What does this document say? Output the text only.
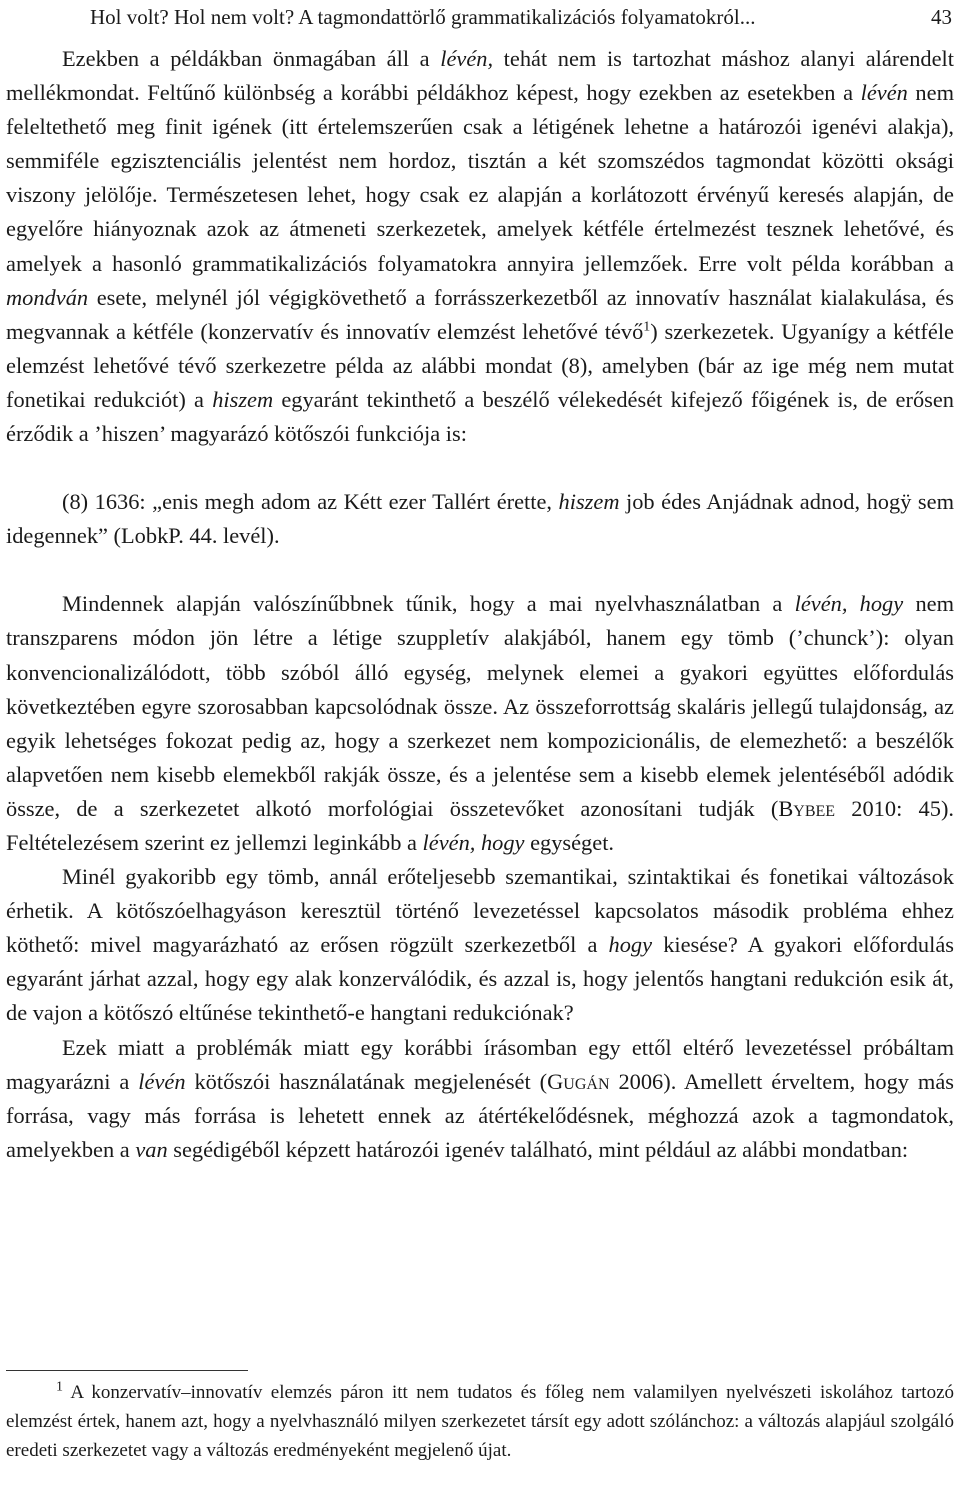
Hol volt? Hol nem volt? A tagmondattörlő grammatikalizációs folyamatokról...	43

Ezekben a példákban önmagában áll a lévén, tehát nem is tartozhat máshoz alanyi alárendelt mellékmondat. Feltűnő különbség a korábbi példákhoz képest, hogy ezekben az esetekben a lévén nem feleltethető meg finit igének (itt értelemszerűen csak a létigének lehetne a határozói igenévi alakja), semmiféle egzisztenciális jelentést nem hordoz, tisztán a két szomszédos tagmondat közötti oksági viszony jelölője. Természetesen lehet, hogy csak ez alapján a korlátozott érvényű keresés alapján, de egyelőre hiányoznak azok az átmeneti szerkezetek, amelyek kétféle értelmezést tesznek lehetővé, és amelyek a hasonló grammatikalizációs folyamatokra annyira jellemzőek. Erre volt példa korábban a mondván esete, melynél jól végigkövethető a forrásszerkezetből az innovatív használat kialakulása, és megvannak a kétféle (konzervatív és innovatív elemzést lehetővé tévő$^1$) szerkezetek. Ugyanígy a kétféle elemzést lehetővé tévő szerkezetre példa az alábbi mondat (8), amelyben (bár az ige még nem mutat fonetikai redukciót) a hiszem egyaránt tekinthető a beszélő vélekedését kifejező főigének is, de erősen érződik a ’hiszen’ magyarázó kötőszói funkciója is:

(8) 1636: „enis megh adom az Kétt ezer Tallért érette, hiszem job édes Anjádnak adnod, hogÿ sem idegennek” (LobkP. 44. levél).

Mindennek alapján valószínűbbnek tűnik, hogy a mai nyelvhasználatban a lévén, hogy nem transzparens módon jön létre a létige szuppletív alakjából, hanem egy tömb (’chunck’): olyan konvencionalizálódott, több szóból álló egység, melynek elemei a gyakori együttes előfordulás következtében egyre szorosabban kapcsolódnak össze. Az összeforrottság skaláris jellegű tulajdonság, az egyik lehetséges fokozat pedig az, hogy a szerkezet nem kompozicionális, de elemezhető: a beszélők alapvetően nem kisebb elemekből rakják össze, és a jelentése sem a kisebb elemek jelentéséből adódik össze, de a szerkezetet alkotó morfológiai összetevőket azonosítani tudják (Bybee 2010: 45). Feltételezésem szerint ez jellemzi leginkább a lévén, hogy egységet.

Minél gyakoribb egy tömb, annál erőteljesebb szemantikai, szintaktikai és fonetikai változások érhetik. A kötőszóelhagyáson keresztül történő levezetéssel kapcsolatos második probléma ehhez köthető: mivel magyarázható az erősen rögzült szerkezetből a hogy kiesése? A gyakori előfordulás egyaránt járhat azzal, hogy egy alak konzerválódik, és azzal is, hogy jelentős hangtani redukción esik át, de vajon a kötőszó eltűnése tekinthető-e hangtani redukciónak?

Ezek miatt a problémák miatt egy korábbi írásomban egy ettől eltérő levezetéssel próbáltam magyarázni a lévén kötőszói használatának megjelenését (Gugán 2006). Amellett érveltem, hogy más forrása, vagy más forrása is lehetett ennek az átértékelődésnek, méghozzá azok a tagmondatok, amelyekben a van segédigéből képzett határozói igenév található, mint például az alábbi mondatban:

$^1$ A konzervatív–innovatív elemzés páron itt nem tudatos és főleg nem valamilyen nyelvészeti iskolához tartozó elemzést értek, hanem azt, hogy a nyelvhasználó milyen szerkezetet társít egy adott szólánchoz: a változás alapjául szolgáló eredeti szerkezetet vagy a változás eredményeként megjelenő újat.
